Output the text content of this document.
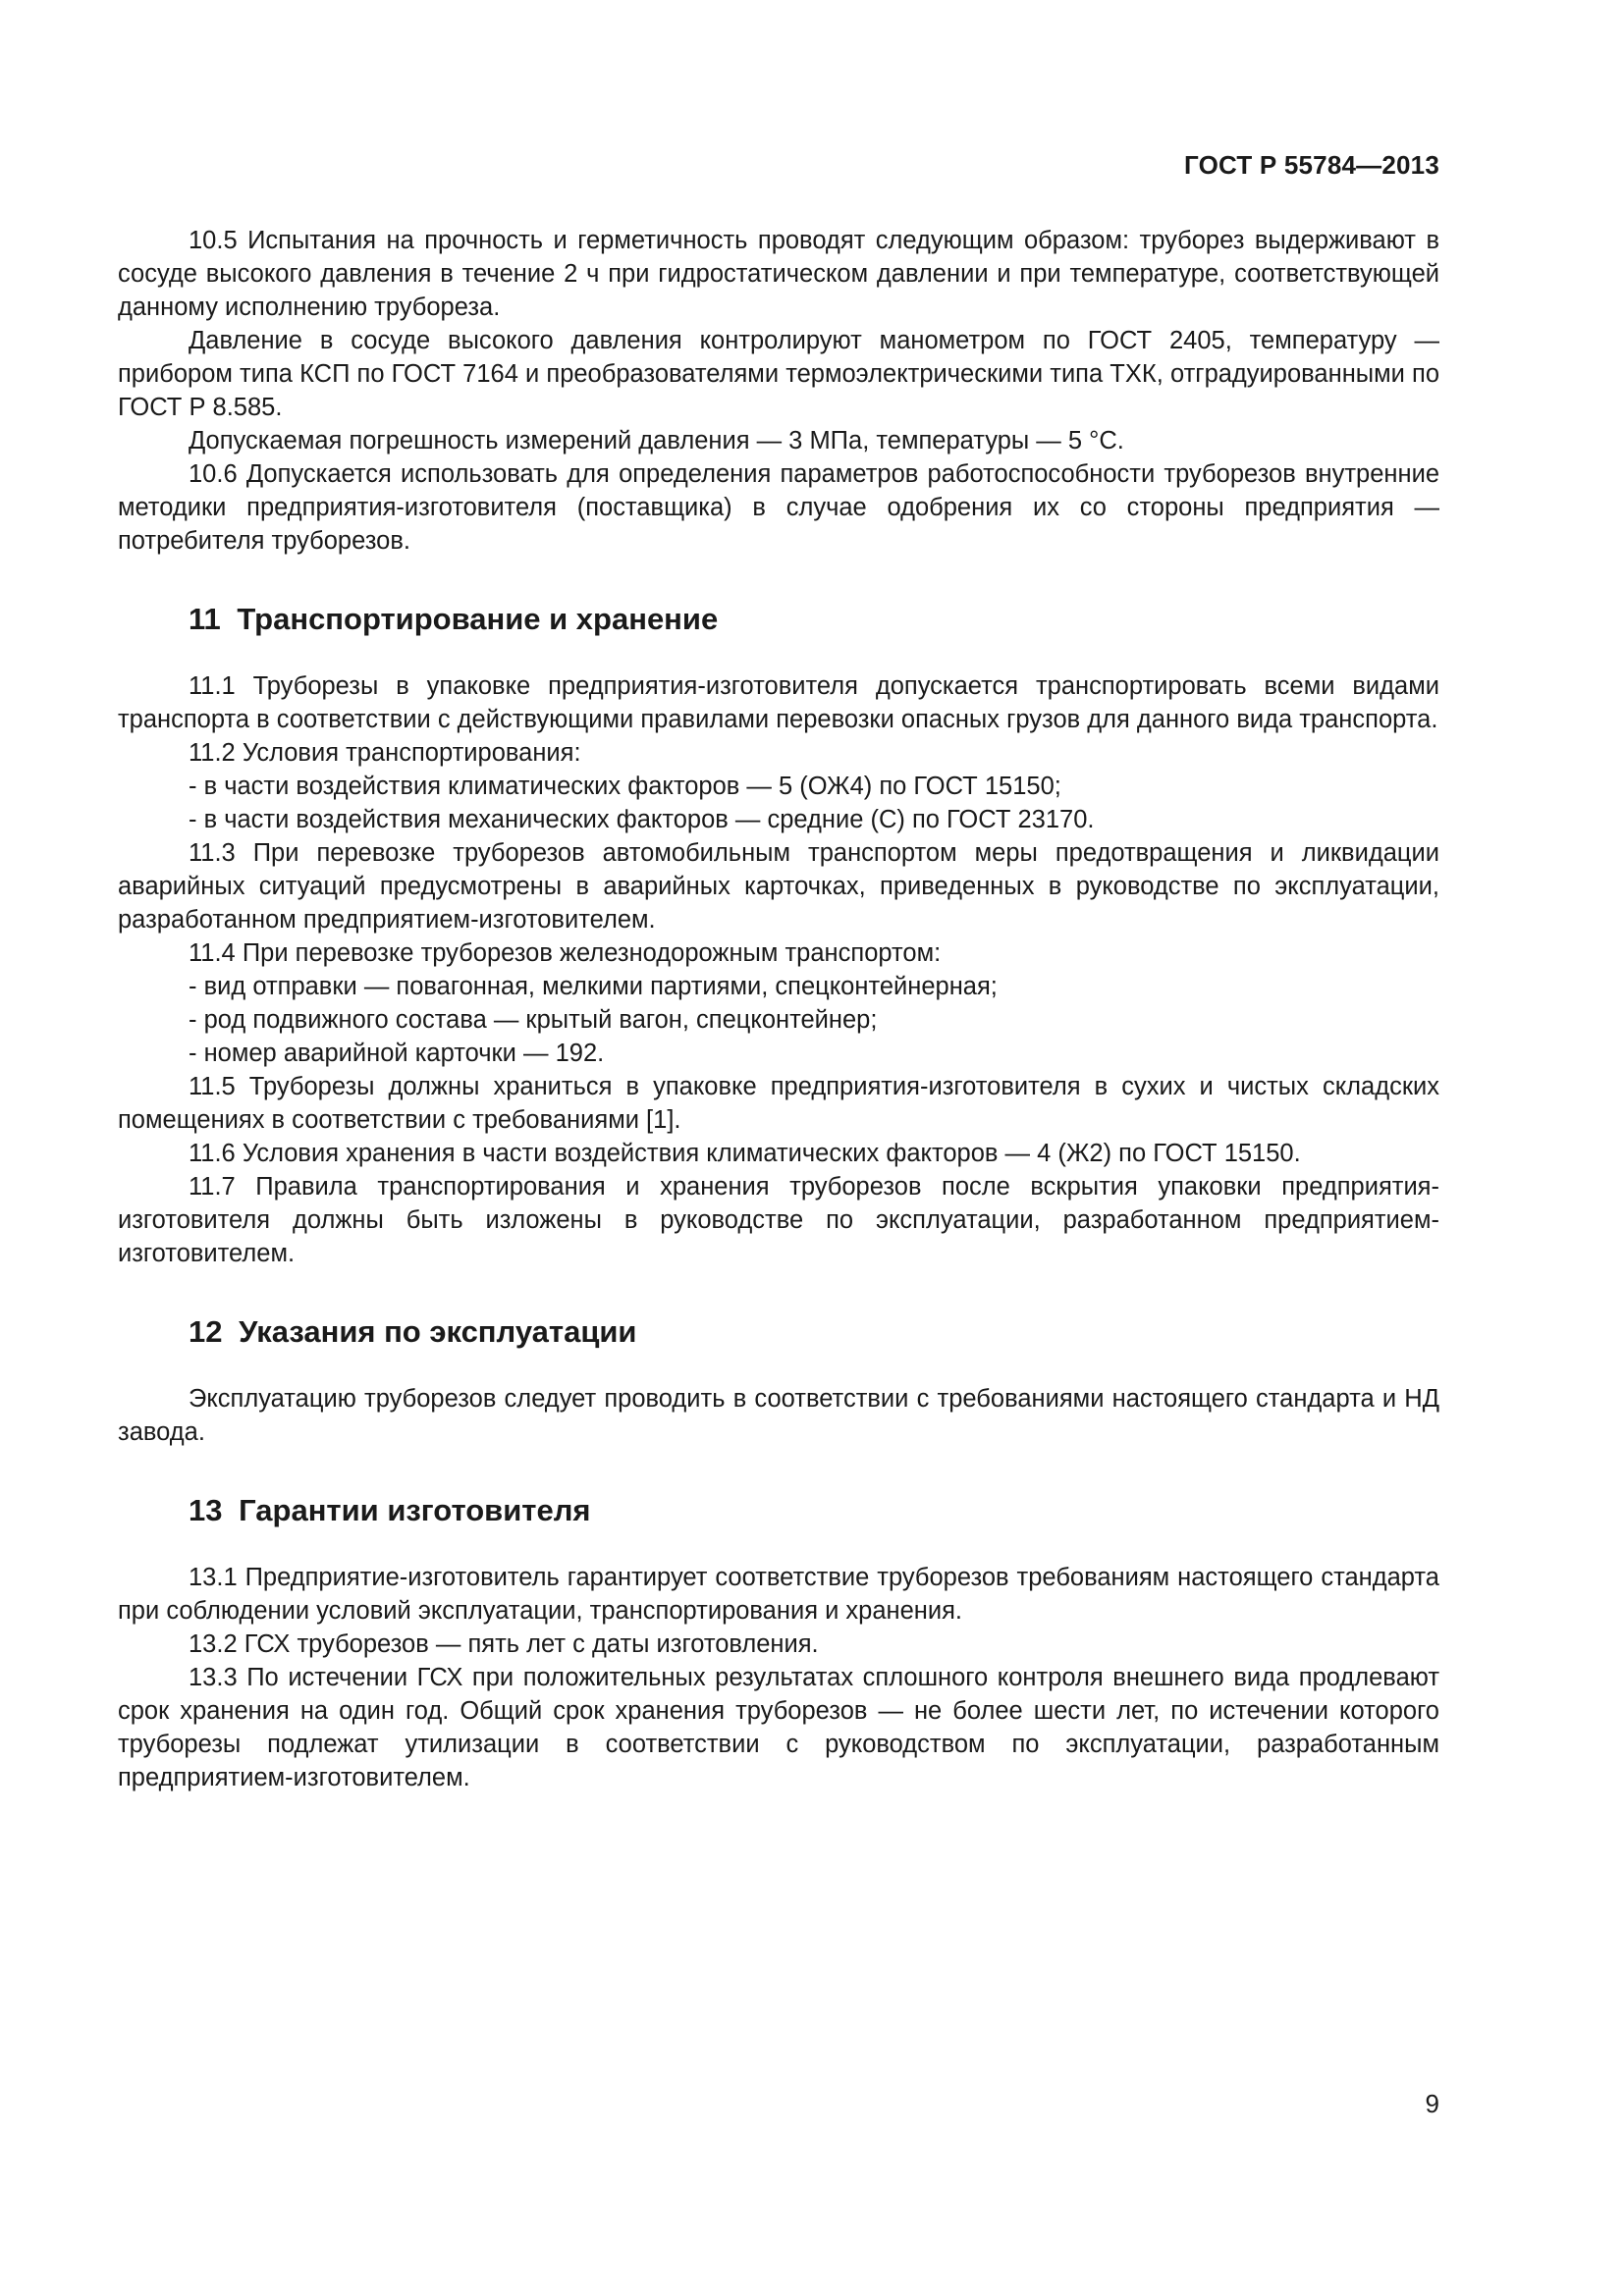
ГОСТ Р 55784—2013

10.5 Испытания на прочность и герметичность проводят следующим образом: труборез выдерживают в сосуде высокого давления в течение 2 ч при гидростатическом давлении и при температуре, соответствующей данному исполнению трубореза.

Давление в сосуде высокого давления контролируют манометром по ГОСТ 2405, температуру — прибором типа КСП по ГОСТ 7164 и преобразователями термоэлектрическими типа ТХК, отградуированными по ГОСТ Р 8.585.

Допускаемая погрешность измерений давления — 3 МПа, температуры — 5 °С.

10.6 Допускается использовать для определения параметров работоспособности труборезов внутренние методики предприятия-изготовителя (поставщика) в случае одобрения их со стороны предприятия — потребителя труборезов.

11 Транспортирование и хранение

11.1 Труборезы в упаковке предприятия-изготовителя допускается транспортировать всеми видами транспорта в соответствии с действующими правилами перевозки опасных грузов для данного вида транспорта.

11.2 Условия транспортирования:

- в части воздействия климатических факторов — 5 (ОЖ4) по ГОСТ 15150;

- в части воздействия механических факторов — средние (С) по ГОСТ 23170.

11.3 При перевозке труборезов автомобильным транспортом меры предотвращения и ликвидации аварийных ситуаций предусмотрены в аварийных карточках, приведенных в руководстве по эксплуатации, разработанном предприятием-изготовителем.

11.4 При перевозке труборезов железнодорожным транспортом:

- вид отправки — повагонная, мелкими партиями, спецконтейнерная;

- род подвижного состава — крытый вагон, спецконтейнер;

- номер аварийной карточки — 192.

11.5 Труборезы должны храниться в упаковке предприятия-изготовителя в сухих и чистых складских помещениях в соответствии с требованиями [1].

11.6 Условия хранения в части воздействия климатических факторов — 4 (Ж2) по ГОСТ 15150.

11.7 Правила транспортирования и хранения труборезов после вскрытия упаковки предприятия-изготовителя должны быть изложены в руководстве по эксплуатации, разработанном предприятием-изготовителем.

12 Указания по эксплуатации

Эксплуатацию труборезов следует проводить в соответствии с требованиями настоящего стандарта и НД завода.

13 Гарантии изготовителя

13.1 Предприятие-изготовитель гарантирует соответствие труборезов требованиям настоящего стандарта при соблюдении условий эксплуатации, транспортирования и хранения.

13.2 ГСХ труборезов — пять лет с даты изготовления.

13.3 По истечении ГСХ при положительных результатах сплошного контроля внешнего вида продлевают срок хранения на один год. Общий срок хранения труборезов — не более шести лет, по истечении которого труборезы подлежат утилизации в соответствии с руководством по эксплуатации, разработанным предприятием-изготовителем.

9
